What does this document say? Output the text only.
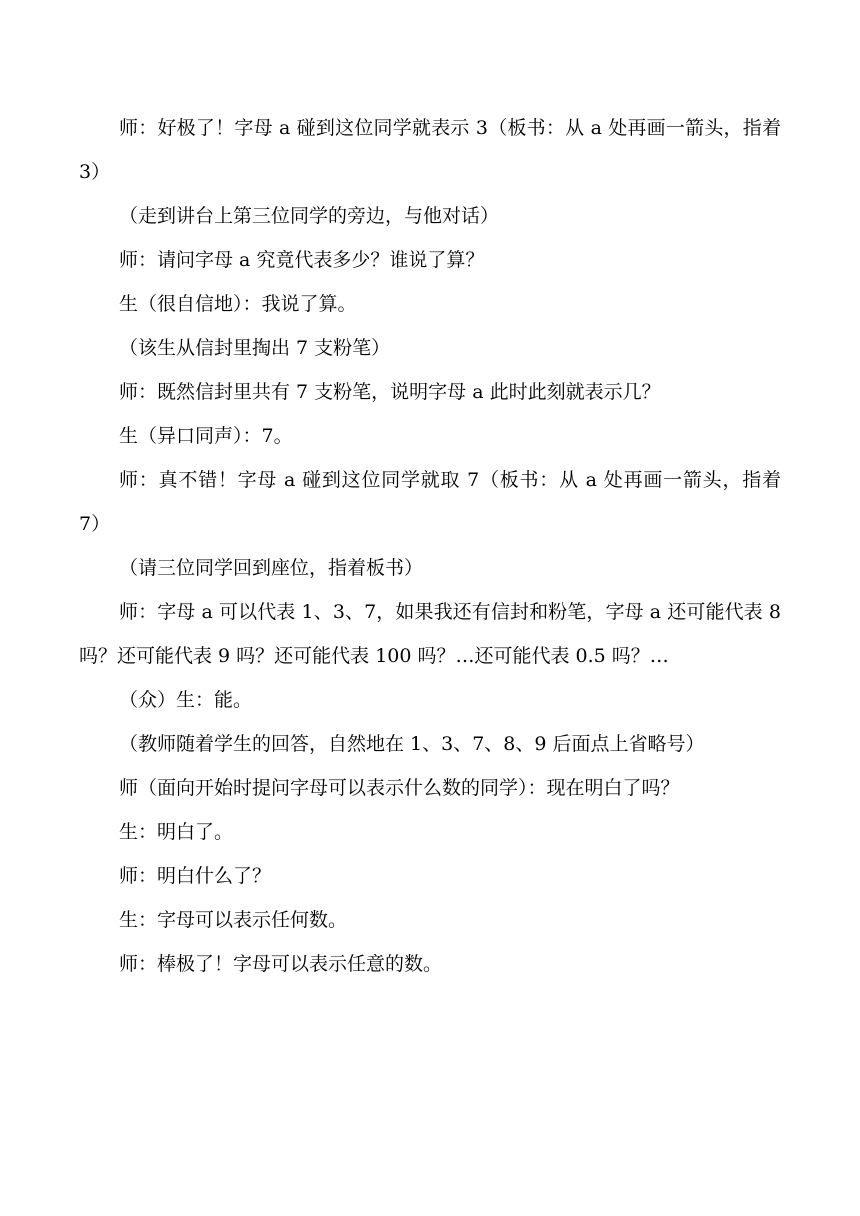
师：好极了！字母 a 碰到这位同学就表示 3（板书：从 a 处再画一箭头，指着 3）

（走到讲台上第三位同学的旁边，与他对话）

师：请问字母 a 究竟代表多少？谁说了算？

生（很自信地）：我说了算。

（该生从信封里掏出 7 支粉笔）

师：既然信封里共有 7 支粉笔，说明字母 a 此时此刻就表示几？

生（异口同声）：7。

师：真不错！字母 a 碰到这位同学就取 7（板书：从 a 处再画一箭头，指着 7）

（请三位同学回到座位，指着板书）

师：字母 a 可以代表 1、3、7，如果我还有信封和粉笔，字母 a 还可能代表 8 吗？还可能代表 9 吗？还可能代表 100 吗？…还可能代表 0.5 吗？…

（众）生：能。

（教师随着学生的回答，自然地在 1、3、7、8、9 后面点上省略号）

师（面向开始时提问字母可以表示什么数的同学）：现在明白了吗？

生：明白了。

师：明白什么了？

生：字母可以表示任何数。

师：棒极了！字母可以表示任意的数。
